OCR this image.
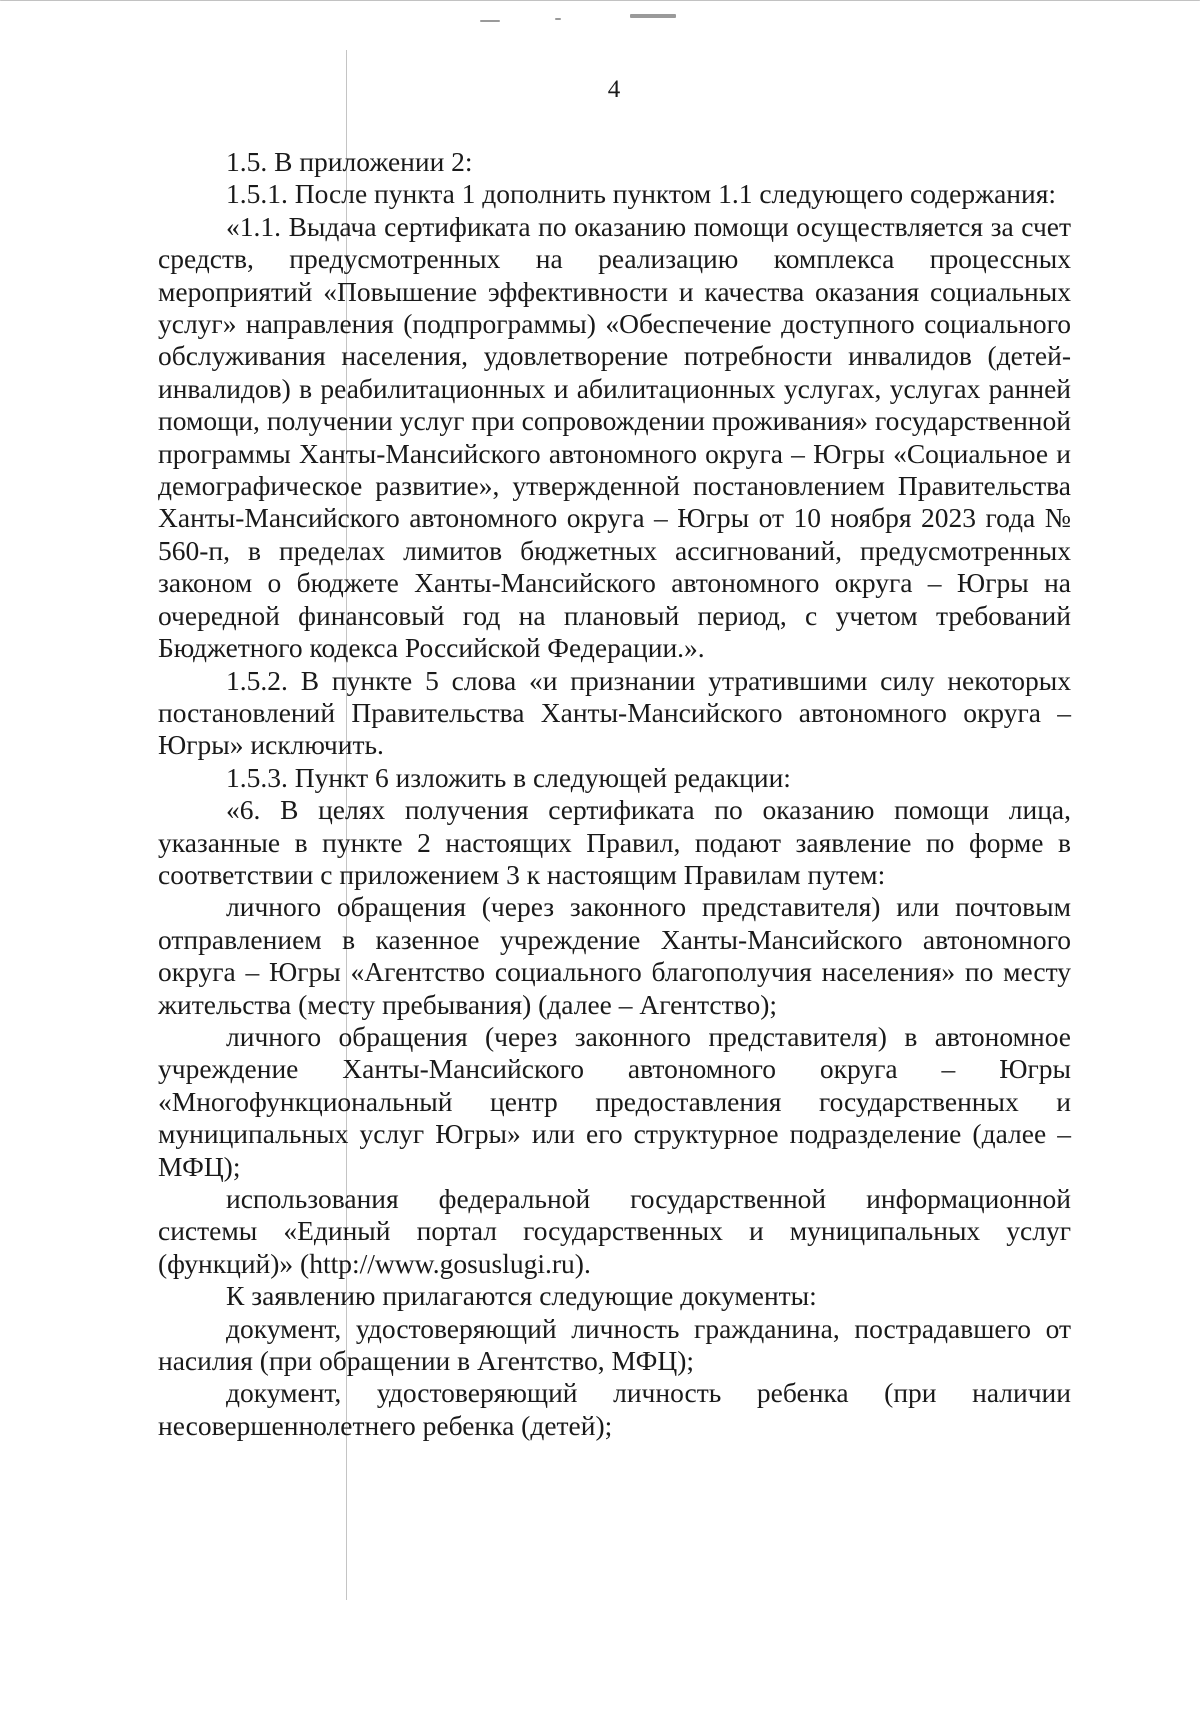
4

1.5. В приложении 2:

1.5.1. После пункта 1 дополнить пунктом 1.1 следующего содержания:

«1.1. Выдача сертификата по оказанию помощи осуществляется за счет средств, предусмотренных на реализацию комплекса процессных мероприятий «Повышение эффективности и качества оказания социальных услуг» направления (подпрограммы) «Обеспечение доступного социального обслуживания населения, удовлетворение потребности инвалидов (детей-инвалидов) в реабилитационных и абилитационных услугах, услугах ранней помощи, получении услуг при сопровождении проживания» государственной программы Ханты-Мансийского автономного округа – Югры «Социальное и демографическое развитие», утвержденной постановлением Правительства Ханты-Мансийского автономного округа – Югры от 10 ноября 2023 года № 560-п, в пределах лимитов бюджетных ассигнований, предусмотренных законом о бюджете Ханты-Мансийского автономного округа – Югры на очередной финансовый год на плановый период, с учетом требований Бюджетного кодекса Российской Федерации.».

1.5.2. В пункте 5 слова «и признании утратившими силу некоторых постановлений Правительства Ханты-Мансийского автономного округа – Югры» исключить.

1.5.3. Пункт 6 изложить в следующей редакции:

«6. В целях получения сертификата по оказанию помощи лица, указанные в пункте 2 настоящих Правил, подают заявление по форме в соответствии с приложением 3 к настоящим Правилам путем:

личного обращения (через законного представителя) или почтовым отправлением в казенное учреждение Ханты-Мансийского автономного округа – Югры «Агентство социального благополучия населения» по месту жительства (месту пребывания) (далее – Агентство);

личного обращения (через законного представителя) в автономное учреждение Ханты-Мансийского автономного округа – Югры «Многофункциональный центр предоставления государственных и муниципальных услуг Югры» или его структурное подразделение (далее – МФЦ);

использования федеральной государственной информационной системы «Единый портал государственных и муниципальных услуг (функций)» (http://www.gosuslugi.ru).

К заявлению прилагаются следующие документы:

документ, удостоверяющий личность гражданина, пострадавшего от насилия (при обращении в Агентство, МФЦ);

документ, удостоверяющий личность ребенка (при наличии несовершеннолетнего ребенка (детей);
